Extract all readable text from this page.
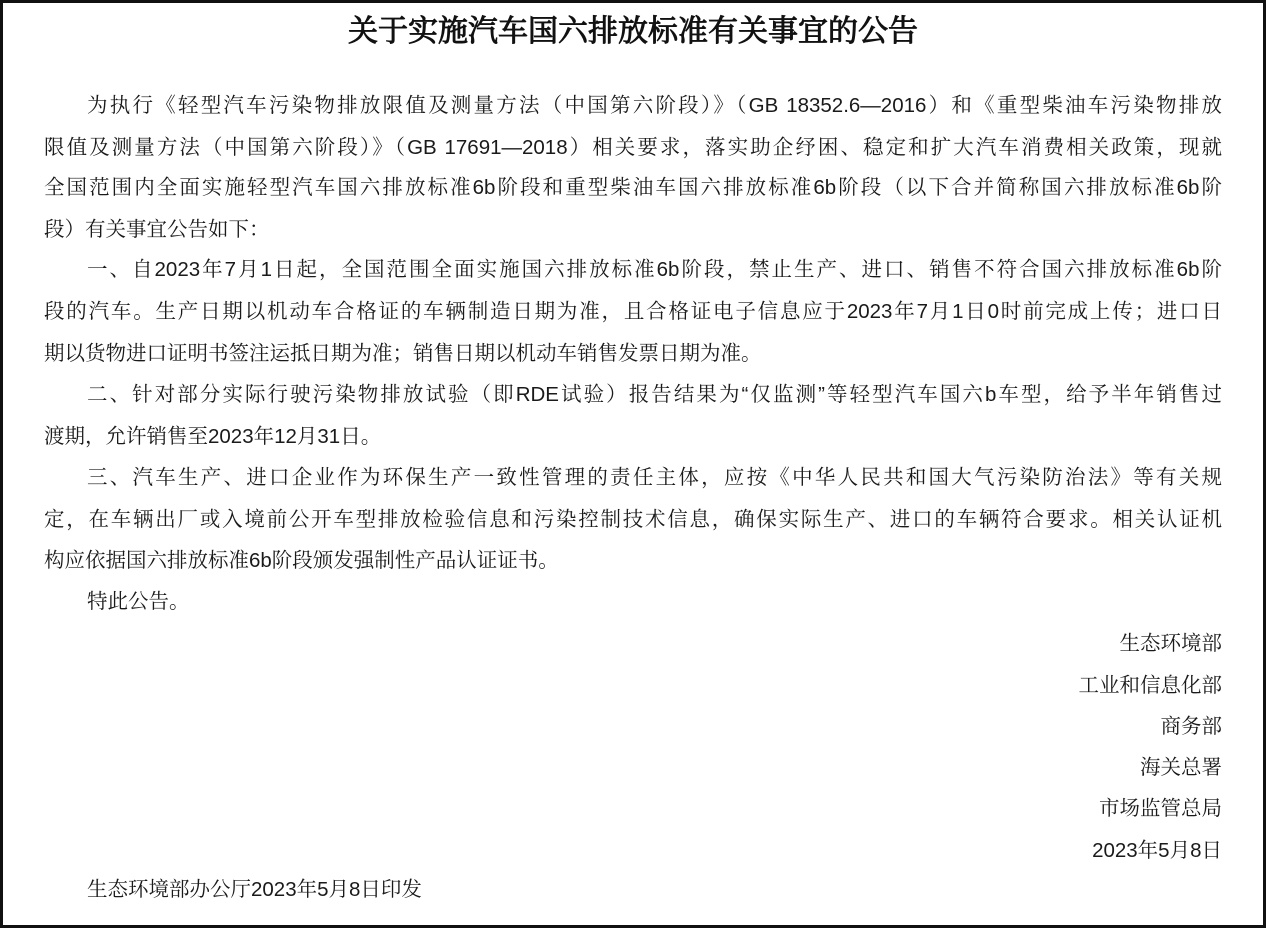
关于实施汽车国六排放标准有关事宜的公告
为执行《轻型汽车污染物排放限值及测量方法（中国第六阶段）》（GB 18352.6—2016）和《重型柴油车污染物排放
限值及测量方法（中国第六阶段）》（GB 17691—2018）相关要求，落实助企纾困、稳定和扩大汽车消费相关政策，现就
全国范围内全面实施轻型汽车国六排放标准6b阶段和重型柴油车国六排放标准6b阶段（以下合并简称国六排放标准6b阶
段）有关事宜公告如下：
一、自2023年7月1日起，全国范围全面实施国六排放标准6b阶段，禁止生产、进口、销售不符合国六排放标准6b阶
段的汽车。生产日期以机动车合格证的车辆制造日期为准，且合格证电子信息应于2023年7月1日0时前完成上传；进口日
期以货物进口证明书签注运抵日期为准；销售日期以机动车销售发票日期为准。
二、针对部分实际行驶污染物排放试验（即RDE试验）报告结果为“仅监测”等轻型汽车国六b车型，给予半年销售过
渡期，允许销售至2023年12月31日。
三、汽车生产、进口企业作为环保生产一致性管理的责任主体，应按《中华人民共和国大气污染防治法》等有关规
定，在车辆出厂或入境前公开车型排放检验信息和污染控制技术信息，确保实际生产、进口的车辆符合要求。相关认证机
构应依据国六排放标准6b阶段颁发强制性产品认证证书。
特此公告。
生态环境部
工业和信息化部
商务部
海关总署
市场监管总局
2023年5月8日
生态环境部办公厅2023年5月8日印发
